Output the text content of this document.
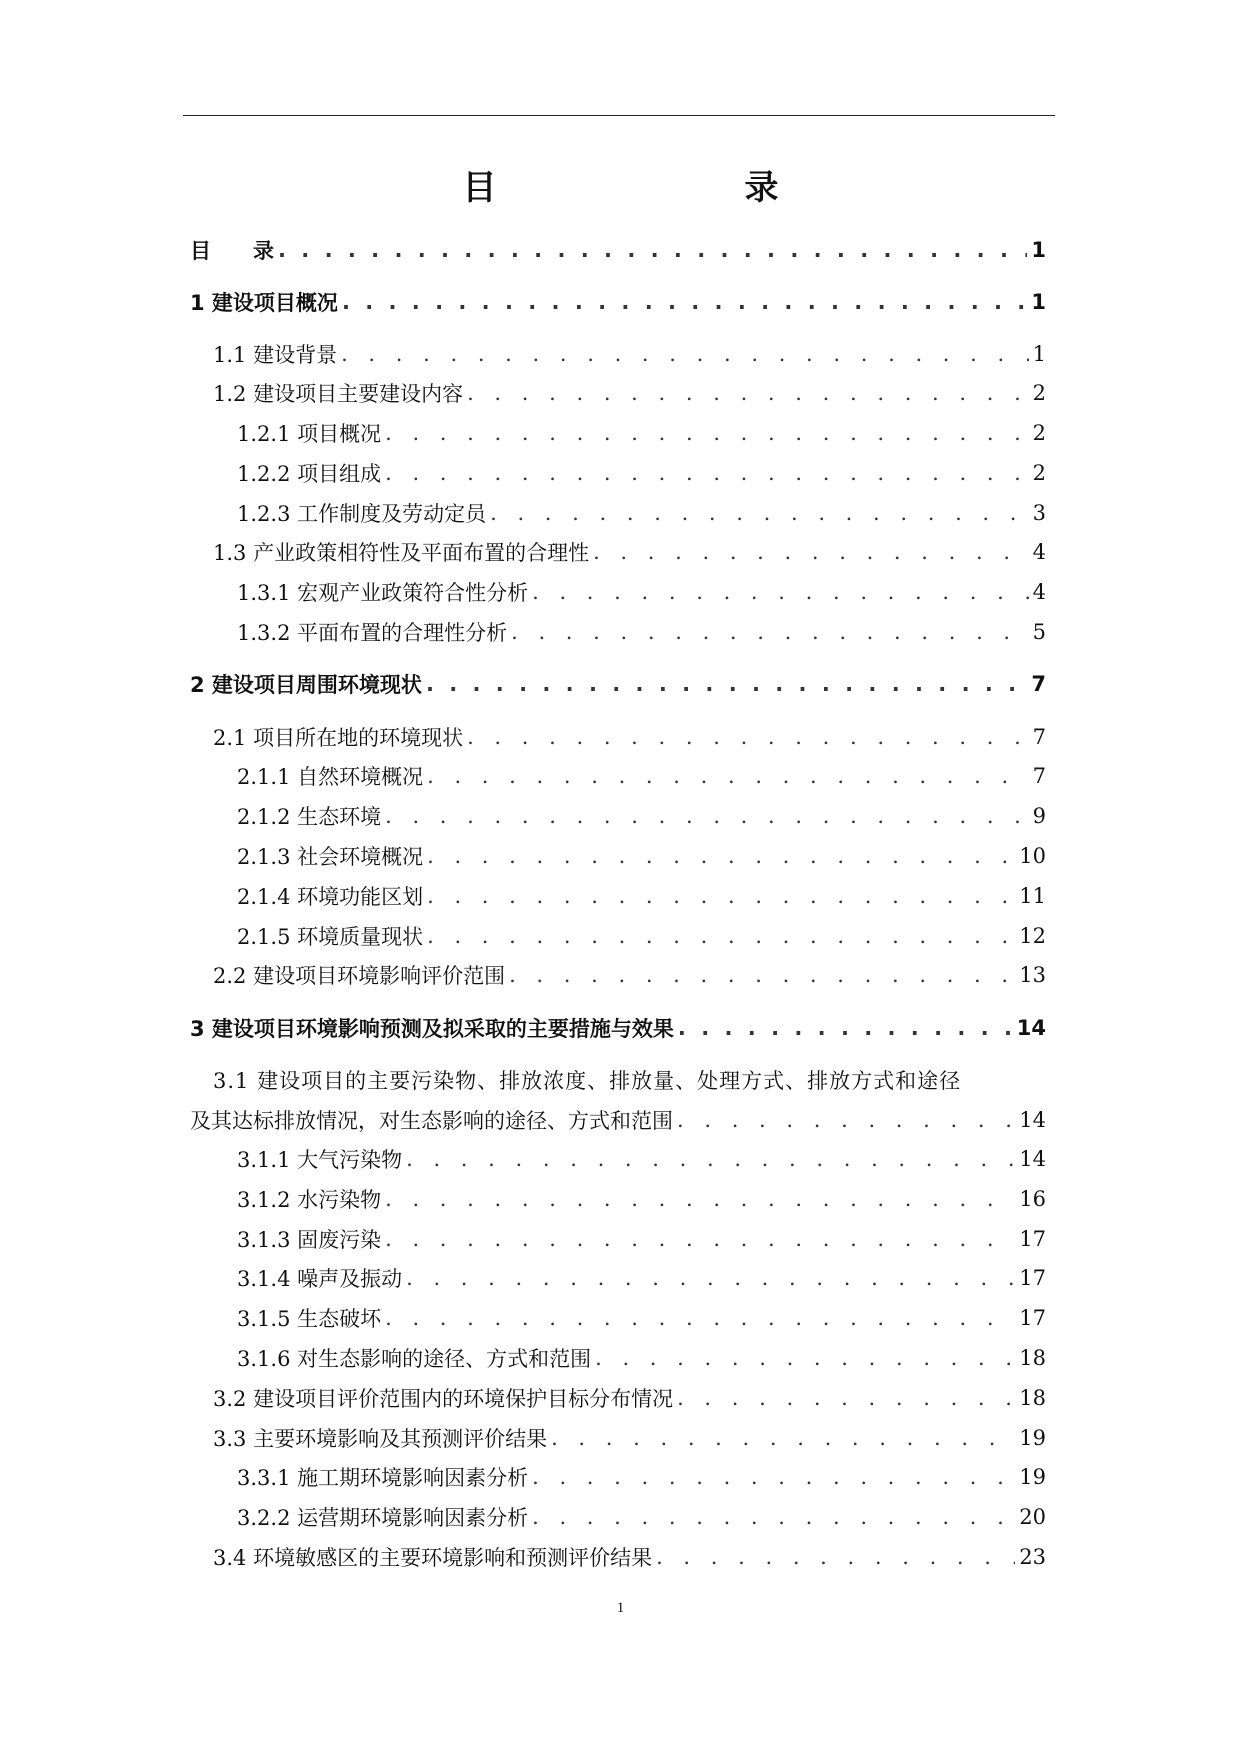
目　　录
目　　录 . . .	1
1 建设项目概况 . . .	1
1.1 建设背景 . . .	1
1.2 建设项目主要建设内容 . . .	2
1.2.1 项目概况 . . .	2
1.2.2 项目组成 . . .	2
1.2.3 工作制度及劳动定员 . . .	3
1.3 产业政策相符性及平面布置的合理性 . . .	4
1.3.1 宏观产业政策符合性分析 . . .	4
1.3.2 平面布置的合理性分析 . . .	5
2 建设项目周围环境现状 . . .	7
2.1 项目所在地的环境现状 . . .	7
2.1.1 自然环境概况 . . .	7
2.1.2 生态环境 . . .	9
2.1.3 社会环境概况 . . .	10
2.1.4 环境功能区划 . . .	11
2.1.5 环境质量现状 . . .	12
2.2 建设项目环境影响评价范围 . . .	13
3 建设项目环境影响预测及拟采取的主要措施与效果 . . .	14
3.1 建设项目的主要污染物、排放浓度、排放量、处理方式、排放方式和途径
及其达标排放情况，对生态影响的途径、方式和范围 . . .	14
3.1.1 大气污染物 . . .	14
3.1.2 水污染物 . . .	16
3.1.3 固废污染 . . .	17
3.1.4 噪声及振动 . . .	17
3.1.5 生态破坏 . . .	17
3.1.6 对生态影响的途径、方式和范围 . . .	18
3.2 建设项目评价范围内的环境保护目标分布情况 . . .	18
3.3 主要环境影响及其预测评价结果 . . .	19
3.3.1 施工期环境影响因素分析 . . .	19
3.2.2 运营期环境影响因素分析 . . .	20
3.4 环境敏感区的主要环境影响和预测评价结果 . . .	23
1
